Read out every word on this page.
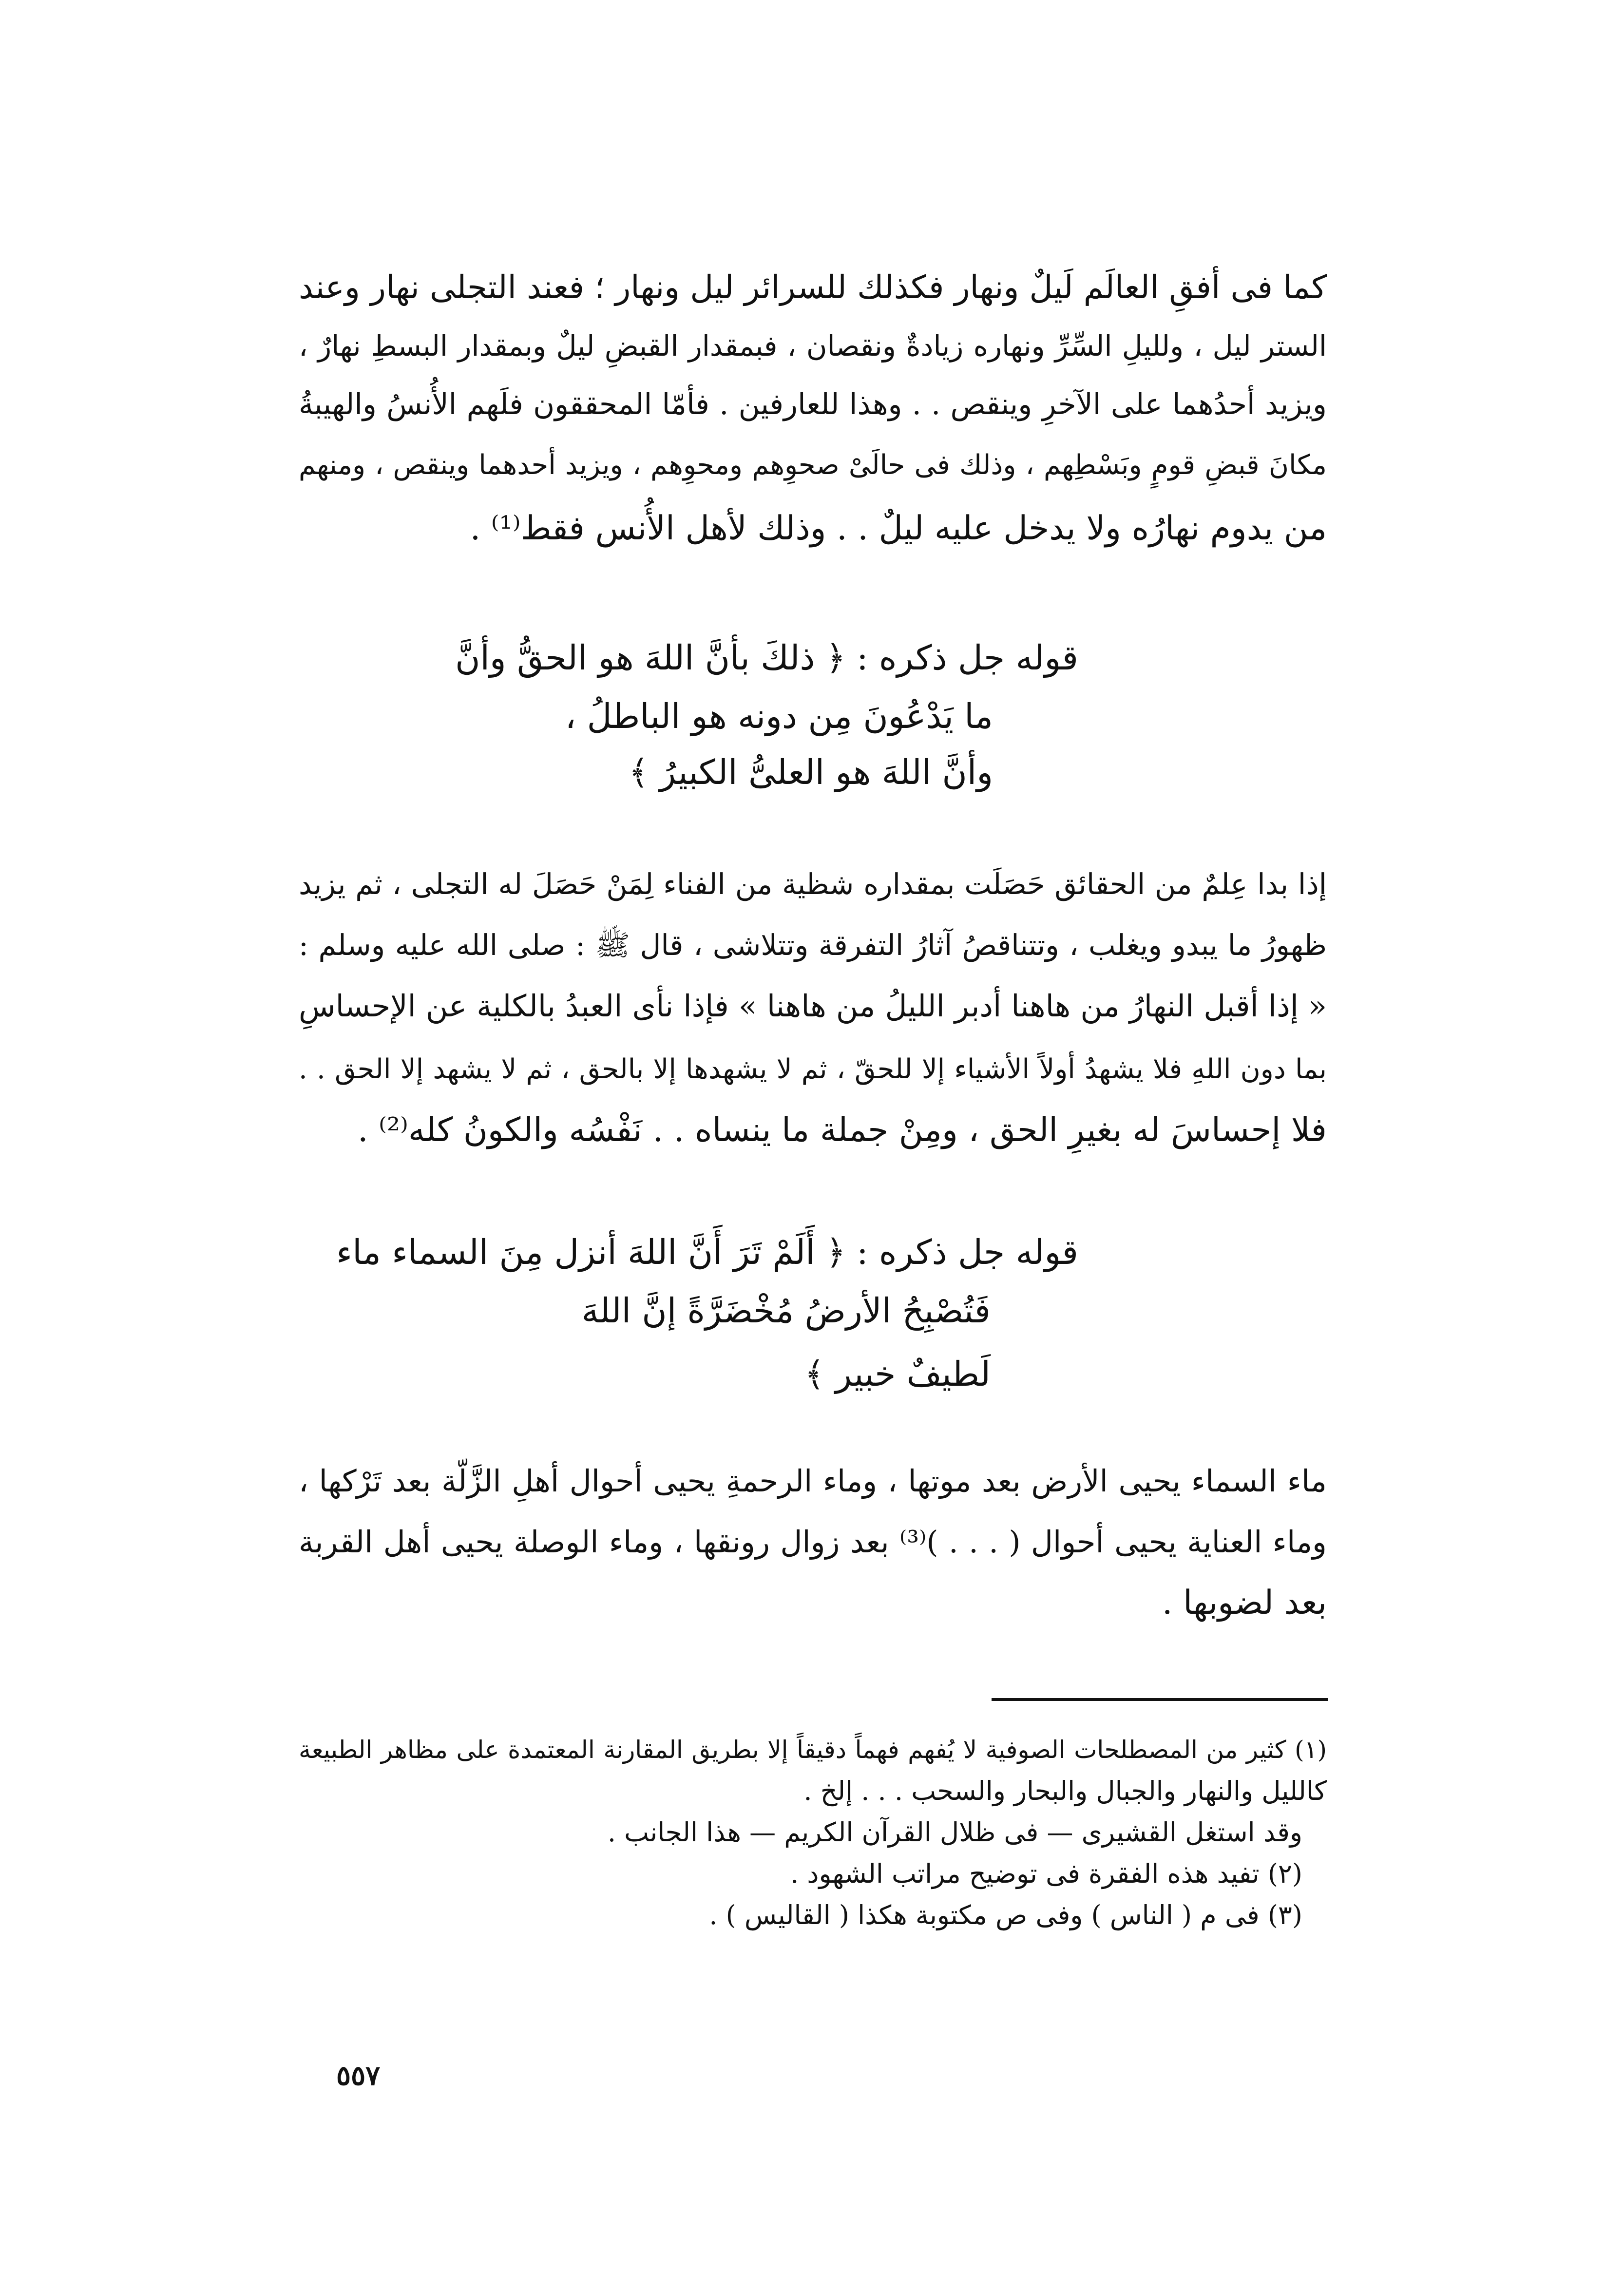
كما فى أفقِ العالَم لَيلٌ ونهار فكذلك للسرائر ليل ونهار ؛ فعند التجلى نهار وعند
الستر ليل ، ولليلِ السِّرِّ ونهاره زيادةٌ ونقصان ، فبمقدار القبضِ ليلٌ وبمقدار البسطِ نهارٌ ،
ويزيد أحدُهما على الآخرِ وينقص . . وهذا للعارفين . فأمّا المحققون فلَهم الأُنسُ والهيبةُ
مكانَ قبضِ قومٍ وبَسْطِهم ، وذلك فى حالَىْ صحوِهم ومحوِهم ، ويزيد أحدهما وينقص ، ومنهم
من يدوم نهارُه ولا يدخل عليه ليلٌ . . وذلك لأهل الأُنس فقط⁽¹⁾ .
قوله جل ذكره : ﴿ ذلكَ بأنَّ اللهَ هو الحقُّ وأنَّ
ما يَدْعُونَ مِن دونه هو الباطلُ ،
وأنَّ اللهَ هو العلىُّ الكبيرُ ﴾
إذا بدا عِلمٌ من الحقائق حَصَلَت بمقداره شظية من الفناء لِمَنْ حَصَلَ له التجلى ، ثم يزيد
ظهورُ ما يبدو ويغلب ، وتتناقصُ آثارُ التفرقة وتتلاشى ، قال ﷺ : صلى الله عليه وسلم :
« إذا أقبل النهارُ من هاهنا أدبر الليلُ من هاهنا » فإذا نأى العبدُ بالكلية عن الإحساسِ
بما دون اللهِ فلا يشهدُ أولاً الأشياء إلا للحقّ ، ثم لا يشهدها إلا بالحق ، ثم لا يشهد إلا الحق . .
فلا إحساسَ له بغيرِ الحق ، ومِنْ جملة ما ينساه . . نَفْسُه والكونُ كله⁽²⁾ .
قوله جل ذكره : ﴿ أَلَمْ تَرَ أَنَّ اللهَ أنزل مِنَ السماء ماء
فَتُصْبِحُ الأرضُ مُخْضَرَّةً إنَّ اللهَ
لَطيفٌ خبير ﴾
ماء السماء يحيى الأرض بعد موتها ، وماء الرحمةِ يحيى أحوال أهلِ الزَّلّة بعد تَرْكها ،
وماء العناية يحيى أحوال ( . . . )⁽³⁾ بعد زوال رونقها ، وماء الوصلة يحيى أهل القربة
بعد لضوبها .
(١) كثير من المصطلحات الصوفية لا يُفهم فهماً دقيقاً إلا بطريق المقارنة المعتمدة على مظاهر الطبيعة
كالليل والنهار والجبال والبحار والسحب . . . إلخ .
وقد استغل القشيرى — فى ظلال القرآن الكريم — هذا الجانب .
(٢) تفيد هذه الفقرة فى توضيح مراتب الشهود .
(٣) فى م ( الناس ) وفى ص مكتوبة هكذا ( القاليس ) .
٥٥٧
